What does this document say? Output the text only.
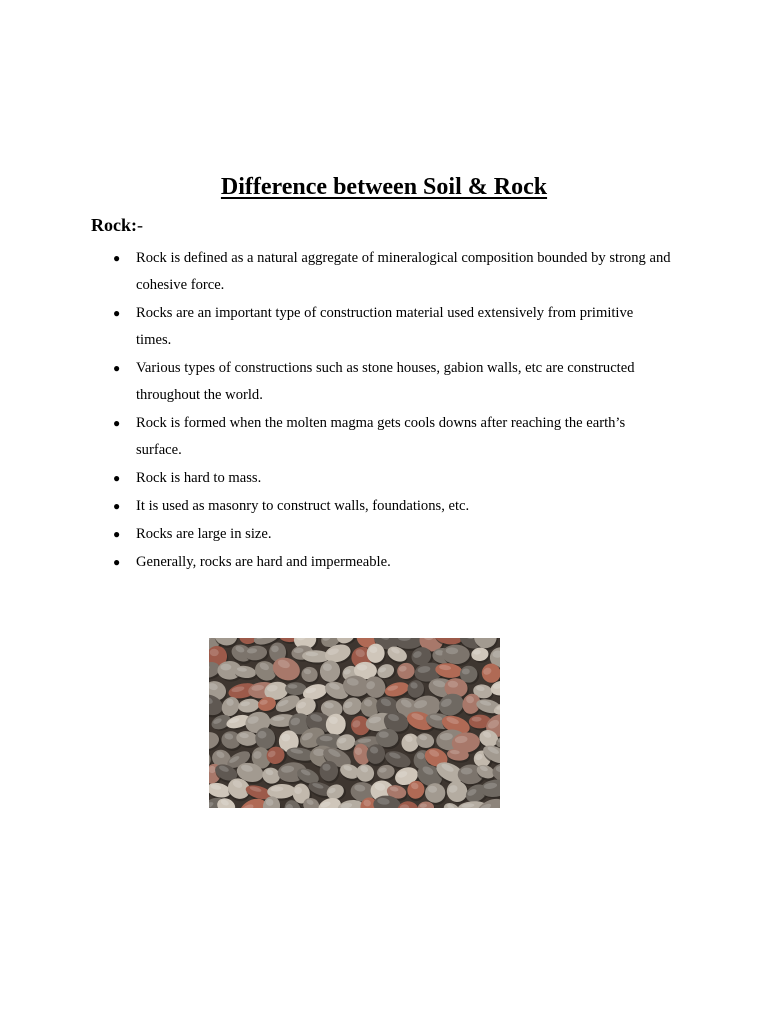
Difference between Soil & Rock
Rock:-
● Rock is defined as a natural aggregate of mineralogical composition bounded by strong and cohesive force.
● Rocks are an important type of construction material used extensively from primitive times.
● Various types of constructions such as stone houses, gabion walls, etc are constructed throughout the world.
● Rock is formed when the molten magma gets cools downs after reaching the earth’s surface.
● Rock is hard to mass.
● It is used as masonry to construct walls, foundations, etc.
● Rocks are large in size.
● Generally, rocks are hard and impermeable.
